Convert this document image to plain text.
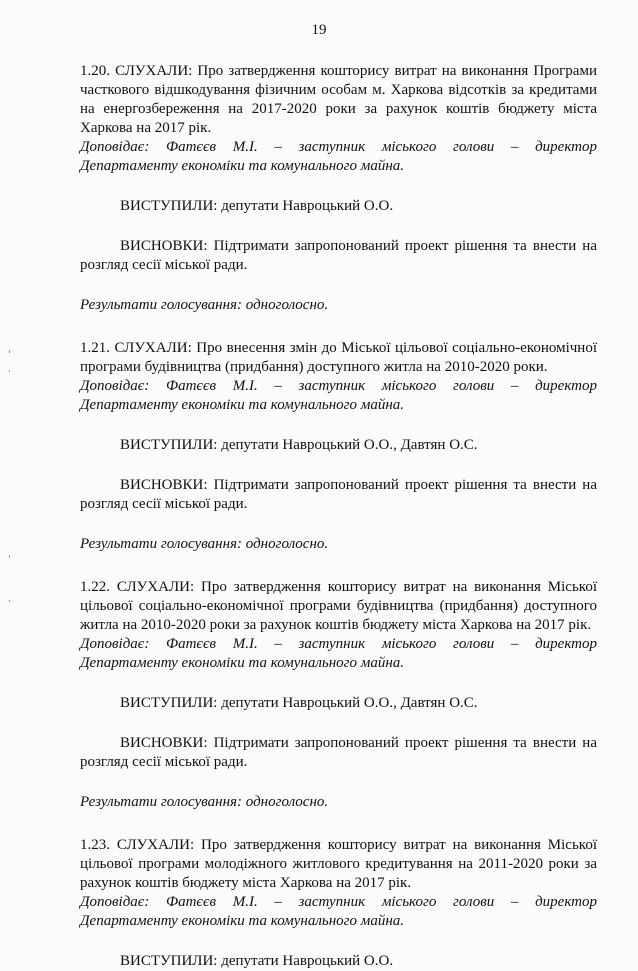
19

1.20. СЛУХАЛИ: Про затвердження кошторису витрат на виконання Програми часткового відшкодування фізичним особам м. Харкова відсотків за кредитами на енергозбереження на 2017-2020 роки за рахунок коштів бюджету міста Харкова на 2017 рік.

Доповідає: Фатєєв М.І. – заступник міського голови – директор

Департаменту економіки та комунального майна.

ВИСТУПИЛИ: депутати Навроцький О.О.

ВИСНОВКИ: Підтримати запропонований проект рішення та внести на розгляд сесії міської ради.

Результати голосування: одноголосно.

1.21. СЛУХАЛИ: Про внесення змін до Міської цільової соціально-економічної програми будівництва (придбання) доступного житла на 2010-2020 роки.

Доповідає: Фатєєв М.І. – заступник міського голови – директор

Департаменту економіки та комунального майна.

ВИСТУПИЛИ: депутати Навроцький О.О., Давтян О.С.

ВИСНОВКИ: Підтримати запропонований проект рішення та внести на розгляд сесії міської ради.

Результати голосування: одноголосно.

1.22. СЛУХАЛИ: Про затвердження кошторису витрат на виконання Міської цільової соціально-економічної програми будівництва (придбання) доступного житла на 2010-2020 роки за рахунок коштів бюджету міста Харкова на 2017 рік.

Доповідає: Фатєєв М.І. – заступник міського голови – директор

Департаменту економіки та комунального майна.

ВИСТУПИЛИ: депутати Навроцький О.О., Давтян О.С.

ВИСНОВКИ: Підтримати запропонований проект рішення та внести на розгляд сесії міської ради.

Результати голосування: одноголосно.

1.23. СЛУХАЛИ: Про затвердження кошторису витрат на виконання Міської цільової програми молодіжного житлового кредитування на 2011-2020 роки за рахунок коштів бюджету міста Харкова на 2017 рік.

Доповідає: Фатєєв М.І. – заступник міського голови – директор

Департаменту економіки та комунального майна.

ВИСТУПИЛИ: депутати Навроцький О.О.
